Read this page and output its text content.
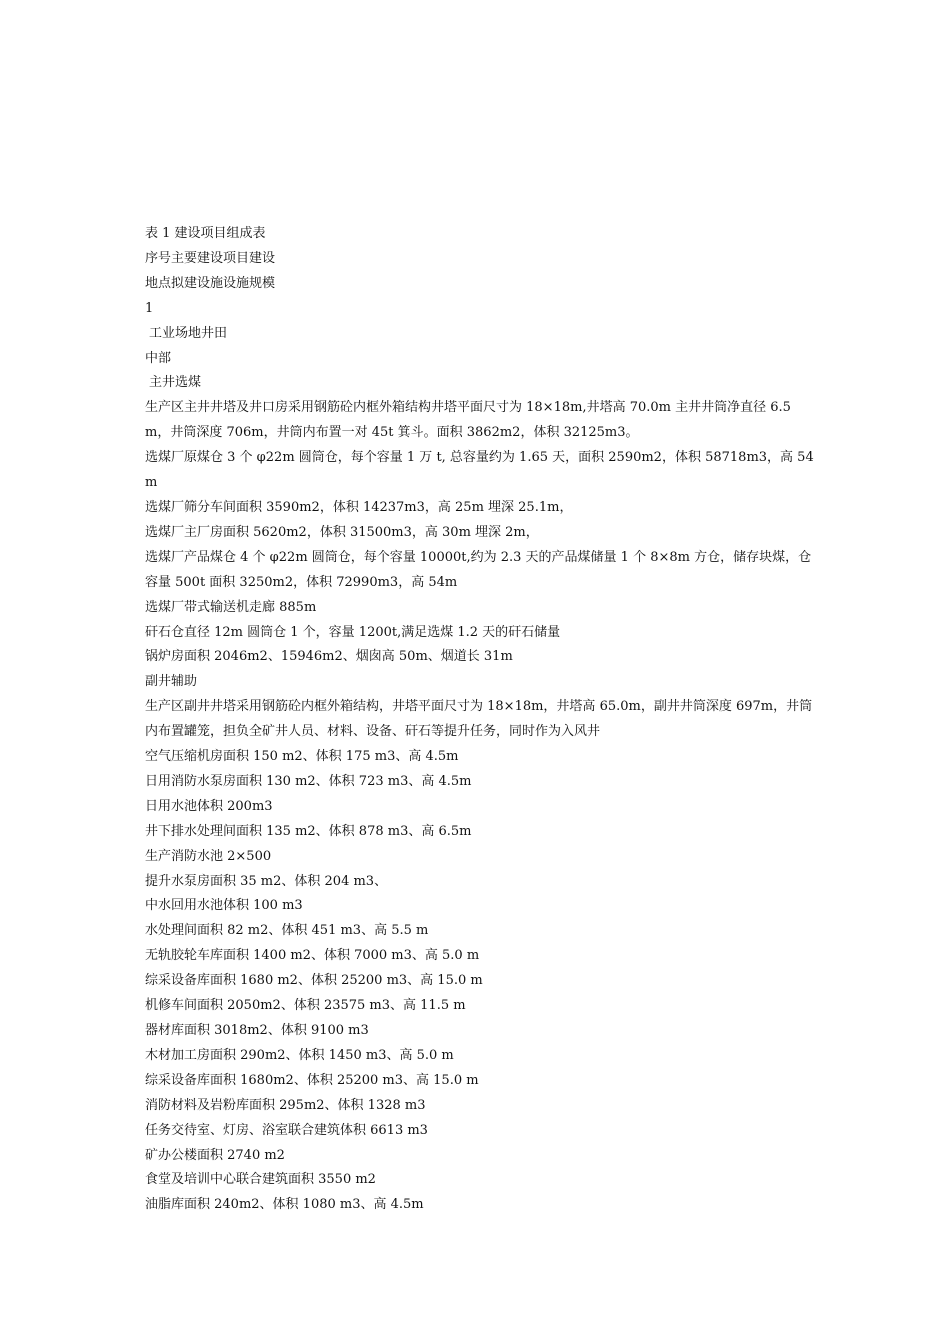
表 1 建设项目组成表

序号主要建设项目建设

地点拟建设施设施规模

1

工业场地井田

中部

主井选煤

生产区主井井塔及井口房采用钢筋砼内框外箱结构井塔平面尺寸为 18×18m,井塔高 70.0m 主井井筒净直径 6.5m，井筒深度 706m，井筒内布置一对 45t 箕斗。面积 3862m2，体积 32125m3。

选煤厂原煤仓 3 个 φ22m 圆筒仓，每个容量 1 万 t, 总容量约为 1.65 天，面积 2590m2，体积 58718m3，高 54m

选煤厂筛分车间面积 3590m2，体积 14237m3，高 25m 埋深 25.1m，

选煤厂主厂房面积 5620m2，体积 31500m3，高 30m 埋深 2m，

选煤厂产品煤仓 4 个 φ22m 圆筒仓，每个容量 10000t,约为 2.3 天的产品煤储量 1 个 8×8m 方仓，储存块煤，仓容量 500t 面积 3250m2，体积 72990m3，高 54m

选煤厂带式输送机走廊 885m

矸石仓直径 12m 圆筒仓 1 个，容量 1200t,满足选煤 1.2 天的矸石储量

锅炉房面积 2046m2、15946m2、烟囱高 50m、烟道长 31m

副井辅助

生产区副井井塔采用钢筋砼内框外箱结构，井塔平面尺寸为 18×18m，井塔高 65.0m，副井井筒深度 697m，井筒内布置罐笼，担负全矿井人员、材料、设备、矸石等提升任务，同时作为入风井

空气压缩机房面积 150 m2、体积 175 m3、高 4.5m

日用消防水泵房面积 130 m2、体积 723 m3、高 4.5m

日用水池体积 200m3

井下排水处理间面积 135 m2、体积 878 m3、高 6.5m

生产消防水池 2×500

提升水泵房面积 35 m2、体积 204 m3、

中水回用水池体积 100 m3

水处理间面积 82 m2、体积 451 m3、高 5.5 m

无轨胶轮车库面积 1400 m2、体积 7000 m3、高 5.0 m

综采设备库面积 1680 m2、体积 25200 m3、高 15.0 m

机修车间面积 2050m2、体积 23575 m3、高 11.5 m

器材库面积 3018m2、体积 9100 m3

木材加工房面积 290m2、体积 1450 m3、高 5.0 m

综采设备库面积 1680m2、体积 25200 m3、高 15.0 m

消防材料及岩粉库面积 295m2、体积 1328 m3

任务交待室、灯房、浴室联合建筑体积 6613 m3

矿办公楼面积 2740 m2

食堂及培训中心联合建筑面积 3550 m2

油脂库面积 240m2、体积 1080 m3、高 4.5m
